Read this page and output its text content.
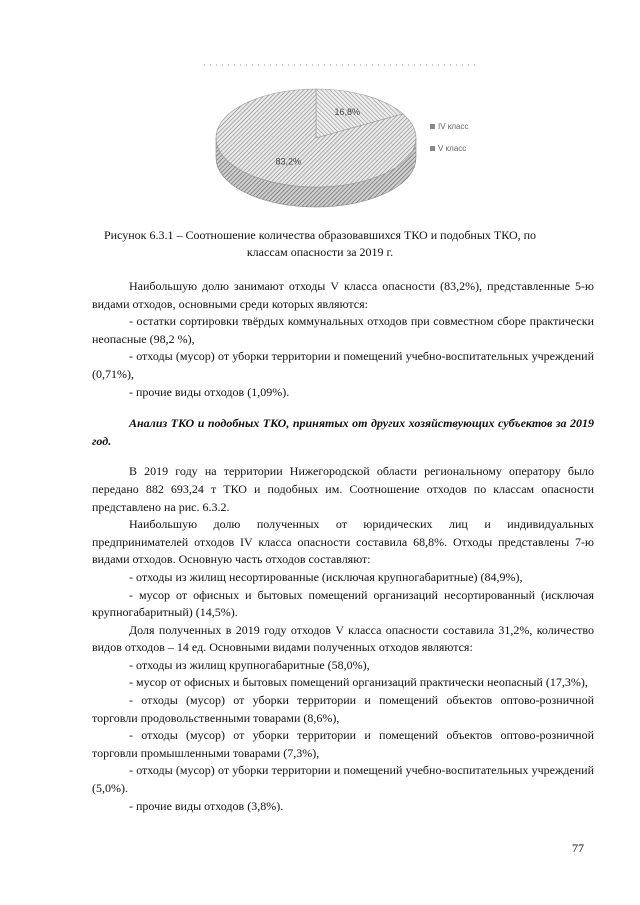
16,8%
83,2%
IV класс
V класс
Рисунок 6.3.1 – Соотношение количества образовавшихся ТКО и подобных ТКО, по
классам опасности за 2019 г.

Наибольшую долю занимают отходы V класса опасности (83,2%), представленные 5-ю видами отходов, основными среди которых являются:

- остатки сортировки твёрдых коммунальных отходов при совместном сборе практически неопасные (98,2 %),

- отходы (мусор) от уборки территории и помещений учебно-воспитательных учреждений (0,71%),

- прочие виды отходов (1,09%).

Анализ ТКО и подобных ТКО, принятых от других хозяйствующих субъектов за 2019 год.

В 2019 году на территории Нижегородской области региональному оператору было передано 882 693,24 т ТКО и подобных им. Соотношение отходов по классам опасности представлено на рис. 6.3.2.

Наибольшую долю полученных от юридических лиц и индивидуальных предпринимателей отходов IV класса опасности составила 68,8%. Отходы представлены 7-ю видами отходов. Основную часть отходов составляют:

- отходы из жилищ несортированные (исключая крупногабаритные) (84,9%),

- мусор от офисных и бытовых помещений организаций несортированный (исключая крупногабаритный) (14,5%).

Доля полученных в 2019 году отходов V класса опасности составила 31,2%, количество видов отходов – 14 ед. Основными видами полученных отходов являются:

- отходы из жилищ крупногабаритные (58,0%),

- мусор от офисных и бытовых помещений организаций практически неопасный (17,3%),

- отходы (мусор) от уборки территории и помещений объектов оптово-розничной торговли продовольственными товарами (8,6%),

- отходы (мусор) от уборки территории и помещений объектов оптово-розничной торговли промышленными товарами (7,3%),

- отходы (мусор) от уборки территории и помещений учебно-воспитательных учреждений (5,0%).

- прочие виды отходов (3,8%).

77
